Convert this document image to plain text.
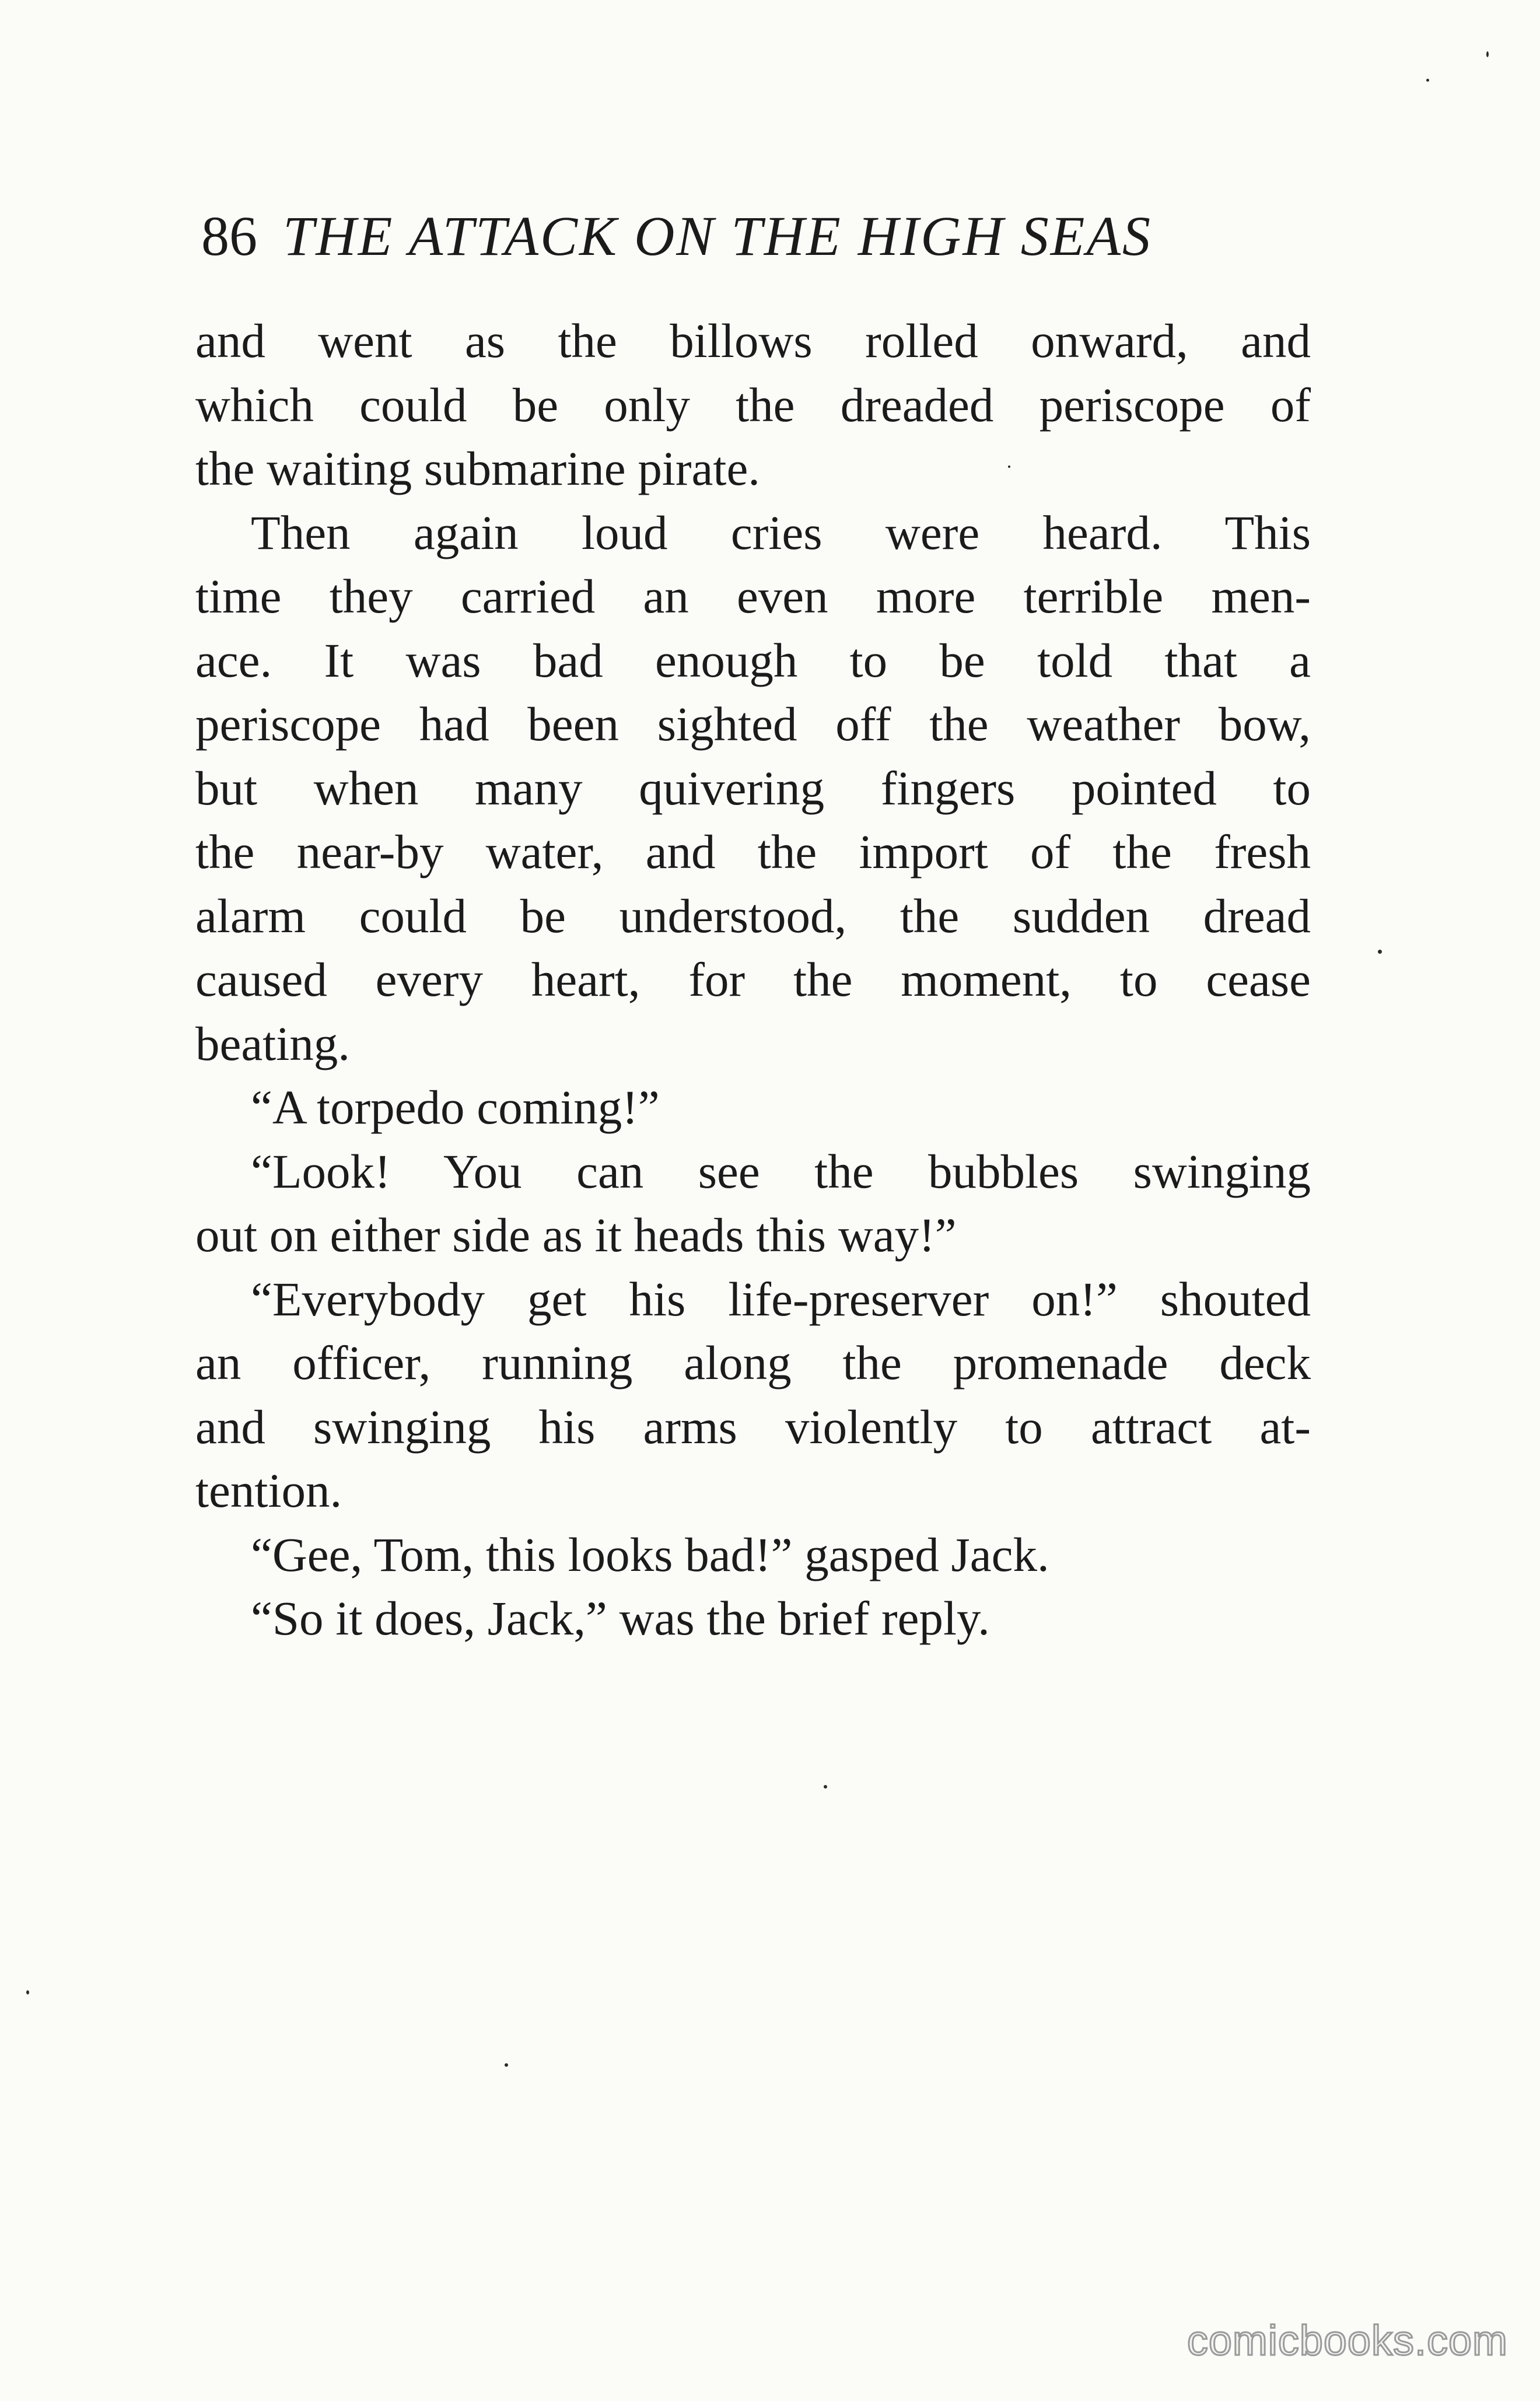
86 THE ATTACK ON THE HIGH SEAS
and went as the billows rolled onward, and
which could be only the dreaded periscope of
the waiting submarine pirate.
Then again loud cries were heard. This
time they carried an even more terrible men-
ace. It was bad enough to be told that a
periscope had been sighted off the weather bow,
but when many quivering fingers pointed to
the near-by water, and the import of the fresh
alarm could be understood, the sudden dread
caused every heart, for the moment, to cease
beating.
“A torpedo coming!”
“Look! You can see the bubbles swinging
out on either side as it heads this way!”
“Everybody get his life-preserver on!” shouted
an officer, running along the promenade deck
and swinging his arms violently to attract at-
tention.
“Gee, Tom, this looks bad!” gasped Jack.
“So it does, Jack,” was the brief reply.
comicbooks.com
